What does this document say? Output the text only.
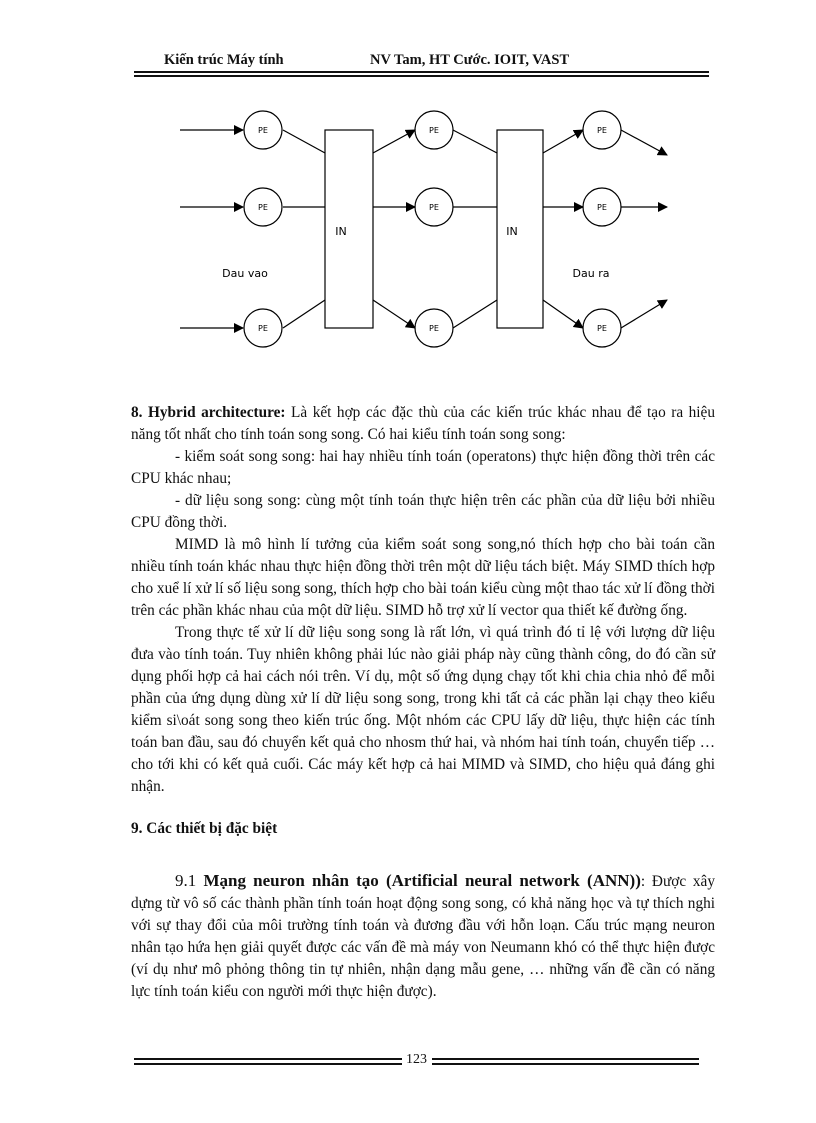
Kiến trúc Máy tính	NV Tam, HT Cước. IOIT, VAST
PE
PE
PE
PE
PE
PE
PE
PE
PE
IN	IN
Dau vao	Dau ra

8. Hybrid architecture: Là kết hợp các đặc thù của các kiến trúc khác nhau để tạo ra hiệu năng tốt nhất cho tính toán song song. Có hai kiểu tính toán song song:

- kiểm soát song song: hai hay nhiều tính toán (operatons) thực hiện đồng thời trên các CPU khác nhau;

- dữ liệu song song: cùng một tính toán thực hiện trên các phần của dữ liệu bởi nhiều CPU đồng thời.

MIMD là mô hình lí tưởng của kiểm soát song song,nó thích hợp cho bài toán cần nhiều tính toán khác nhau thực hiện đồng thời trên một dữ liệu tách biệt. Máy SIMD thích hợp cho xuể lí xử lí số liệu song song, thích hợp cho bài toán kiểu cùng một thao tác xử lí đồng thời trên các phần khác nhau của một dữ liệu. SIMD hỗ trợ xử lí vector qua thiết kế đường ống.

Trong thực tế xử lí dữ liệu song song là rất lớn, vì quá trình đó tỉ lệ với lượng dữ liệu đưa vào tính toán. Tuy nhiên không phải lúc nào giải pháp này cũng thành công, do đó cần sử dụng phối hợp cả hai cách nói trên. Ví dụ, một số ứng dụng chạy tốt khi chia chia nhỏ để mỗi phần của ứng dụng dùng xử lí dữ liệu song song, trong khi tất cả các phần lại chạy theo kiểu kiểm si\oát song song theo kiến trúc ống. Một nhóm các CPU lấy dữ liệu, thực hiện các tính toán ban đầu, sau đó chuyển kết quả cho nhosm thứ hai, và nhóm hai tính toán, chuyển tiếp … cho tới khi có kết quả cuối. Các máy kết hợp cả hai MIMD và SIMD, cho hiệu quả đáng ghi nhận.

9. Các thiết bị đặc biệt
9.1 Mạng neuron nhân tạo (Artificial neural network (ANN)): Được xây dựng từ vô số các thành phần tính toán hoạt động song song, có khả năng học và tự thích nghi với sự thay đổi của môi trường tính toán và đương đầu với hỗn loạn. Cấu trúc mạng neuron nhân tạo hứa hẹn giải quyết được các vấn đề mà máy von Neumann khó có thể thực hiện được (ví dụ như mô phỏng thông tin tự nhiên, nhận dạng mẫu gene, … những vấn đề cần có năng lực tính toán kiểu con người mới thực hiện được).
123
